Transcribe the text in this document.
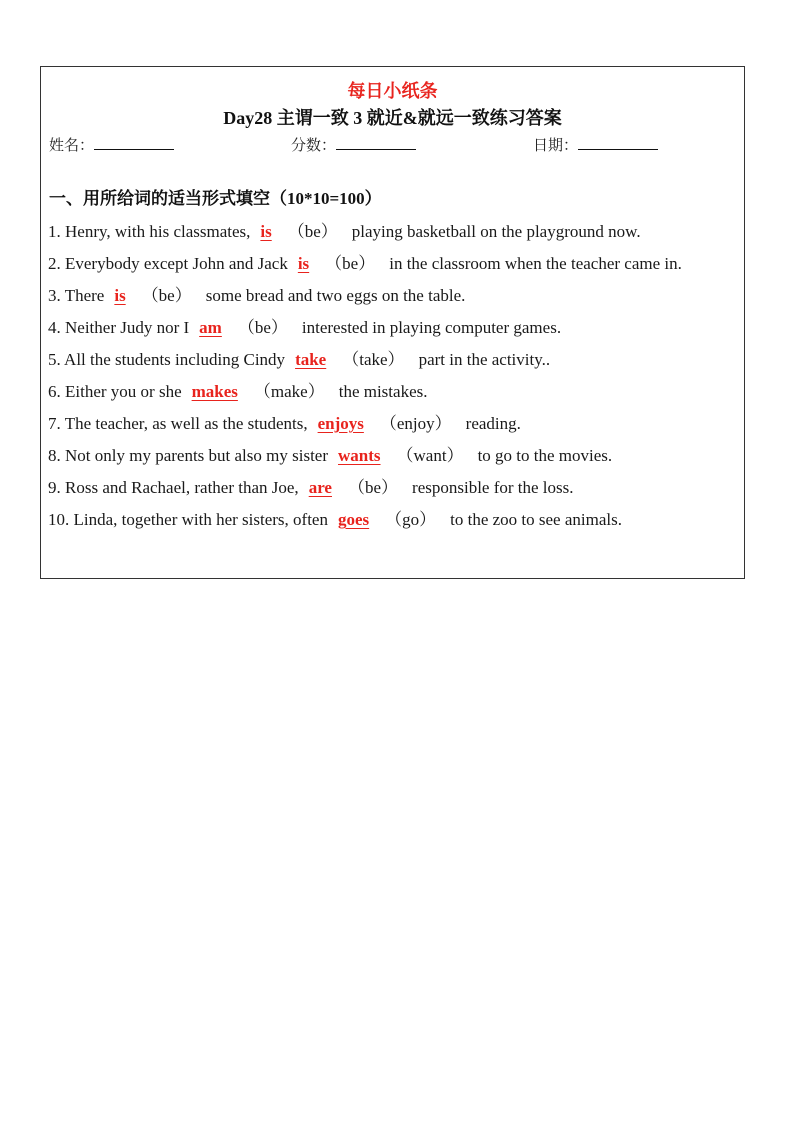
每日小纸条
Day28 主谓一致 3 就近&就远一致练习答案
姓名：	分数：	日期：
一、用所给词的适当形式填空（10*10=100）
1. Henry, with his classmates, is （be） playing basketball on the playground now.
2. Everybody except John and Jack is （be） in the classroom when the teacher came in.
3. There is （be） some bread and two eggs on the table.
4. Neither Judy nor I am （be） interested in playing computer games.
5. All the students including Cindy take （take） part in the activity..
6. Either you or she makes （make） the mistakes.
7. The teacher, as well as the students, enjoys （enjoy） reading.
8. Not only my parents but also my sister wants （want） to go to the movies.
9. Ross and Rachael, rather than Joe, are （be） responsible for the loss.
10. Linda, together with her sisters, often goes （go） to the zoo to see animals.
